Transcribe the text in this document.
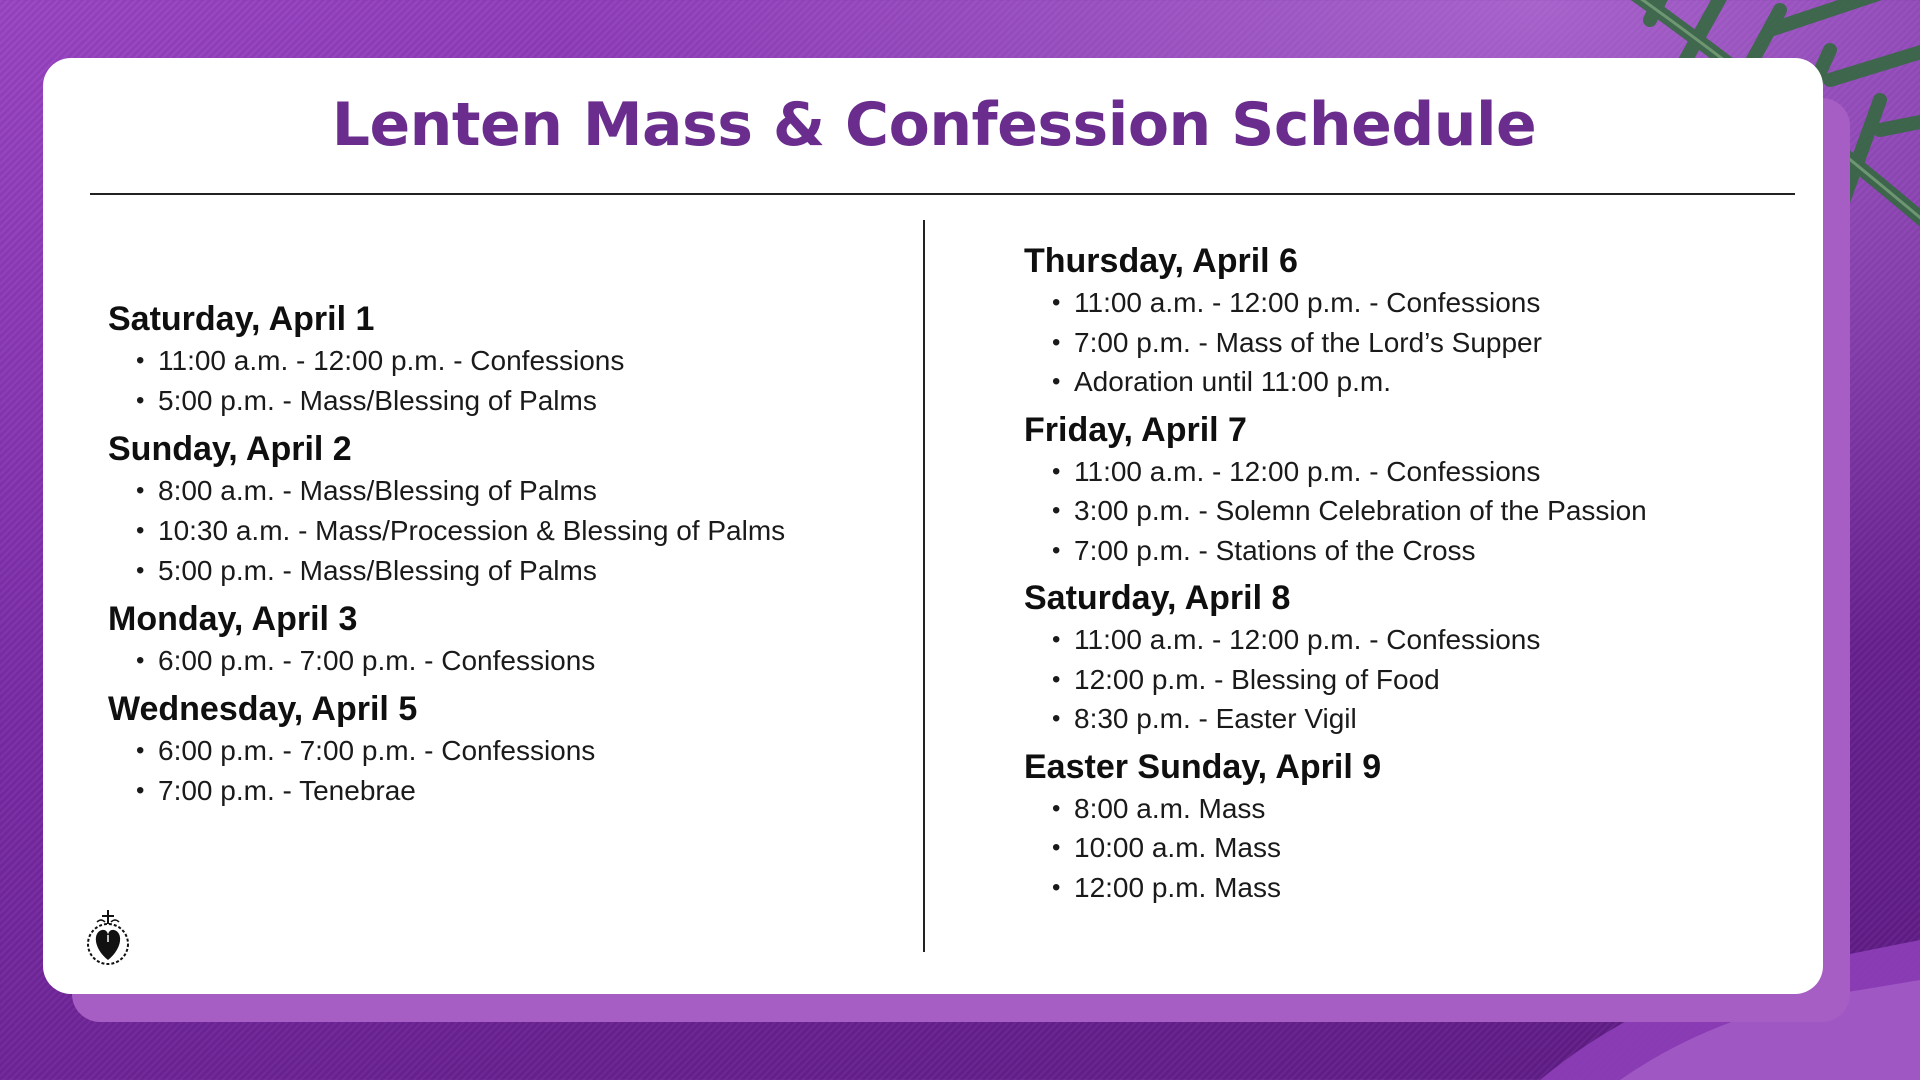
Lenten Mass & Confession Schedule
Saturday, April 1
• 11:00 a.m. - 12:00 p.m. - Confessions
• 5:00 p.m. - Mass/Blessing of Palms
Sunday, April 2
• 8:00 a.m. - Mass/Blessing of Palms
• 10:30 a.m. - Mass/Procession & Blessing of Palms
• 5:00 p.m. - Mass/Blessing of Palms
Monday, April 3
• 6:00 p.m. - 7:00 p.m. - Confessions
Wednesday, April 5
• 6:00 p.m. - 7:00 p.m. - Confessions
• 7:00 p.m. - Tenebrae
Thursday, April 6
• 11:00 a.m. - 12:00 p.m. - Confessions
• 7:00 p.m. - Mass of the Lord’s Supper
• Adoration until 11:00 p.m.
Friday, April 7
• 11:00 a.m. - 12:00 p.m. - Confessions
• 3:00 p.m. - Solemn Celebration of the Passion
• 7:00 p.m. - Stations of the Cross
Saturday, April 8
• 11:00 a.m. - 12:00 p.m. - Confessions
• 12:00 p.m. - Blessing of Food
• 8:30 p.m. - Easter Vigil
Easter Sunday, April 9
• 8:00 a.m. Mass
• 10:00 a.m. Mass
• 12:00 p.m. Mass
